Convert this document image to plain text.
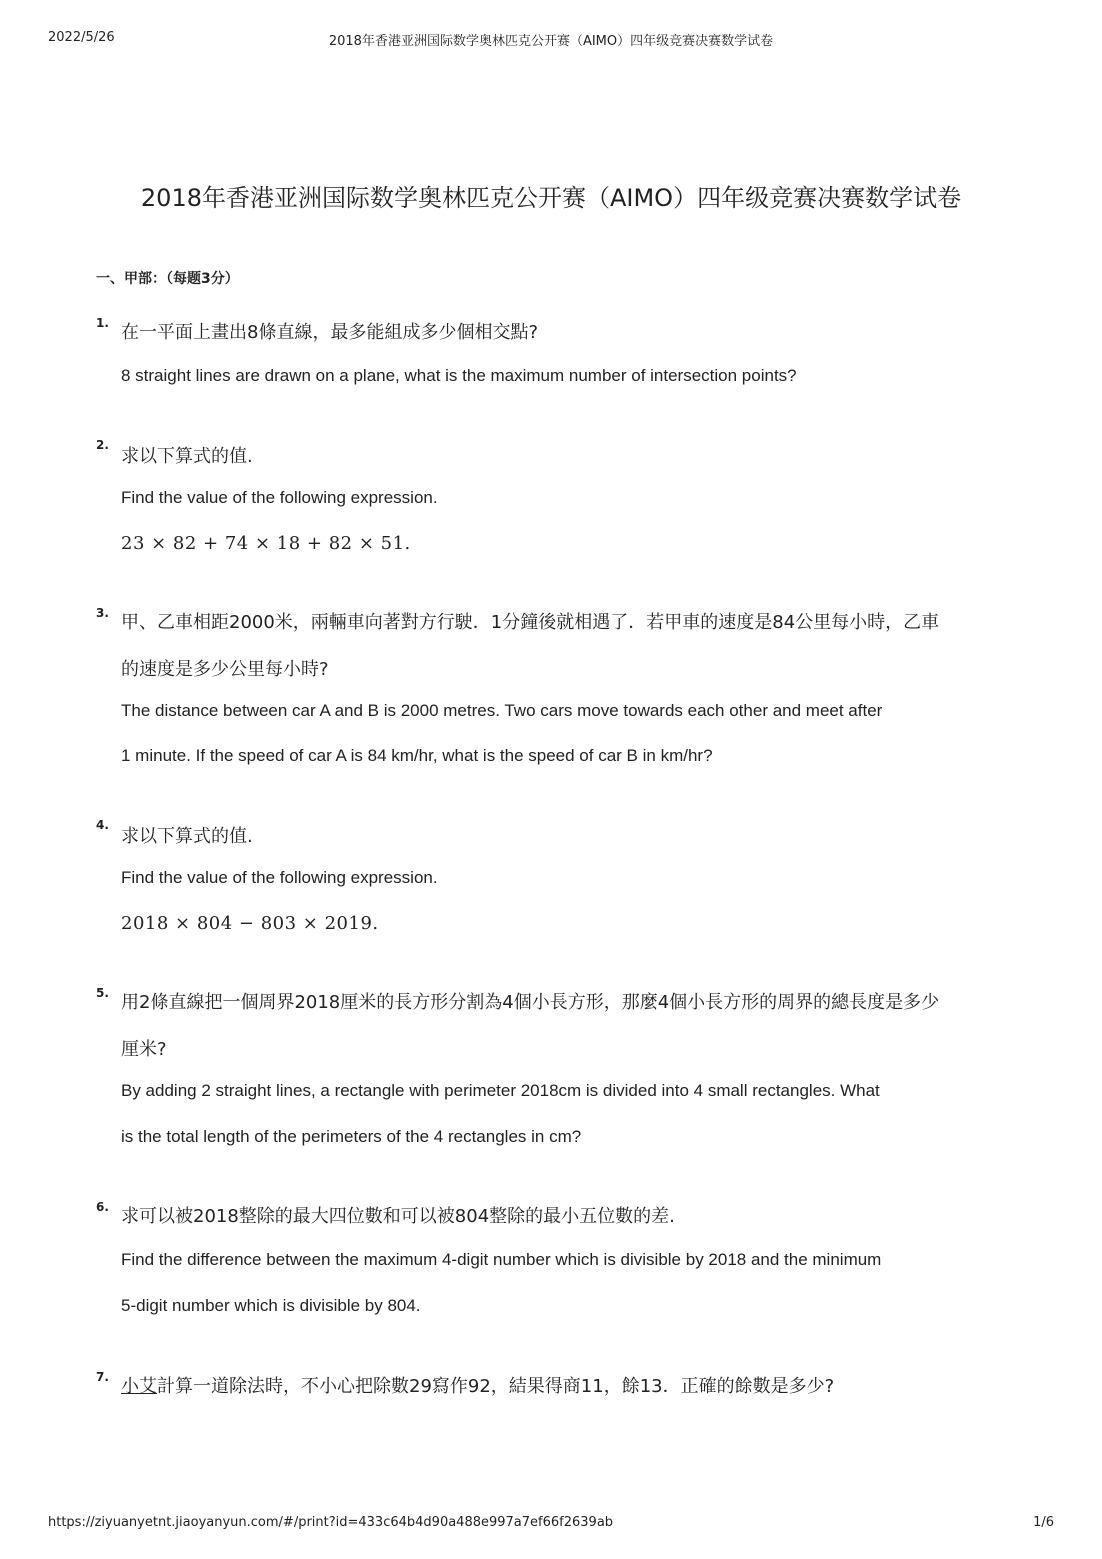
2022/5/26	2018年香港亚洲国际数学奥林匹克公开赛（AIMO）四年级竞赛决赛数学试卷
2018年香港亚洲国际数学奥林匹克公开赛（AIMO）四年级竞赛决赛数学试卷
一、甲部：（每题3分）
1. 在一平面上畫出8條直線，最多能組成多少個相交點?
8 straight lines are drawn on a plane, what is the maximum number of intersection points?
2.
求以下算式的值.
Find the value of the following expression.
23 × 82 + 74 × 18 + 82 × 51.
3. 甲、乙車相距2000米，兩輛車向著對方行駛．1分鐘後就相遇了．若甲車的速度是84公里每小時，乙車
的速度是多少公里每小時?
The distance between car A and B is 2000 metres. Two cars move towards each other and meet after
1 minute. If the speed of car A is 84 km/hr, what is the speed of car B in km/hr?
4.
求以下算式的值.
Find the value of the following expression.
2018 × 804 − 803 × 2019.
5. 用2條直線把一個周界2018厘米的長方形分割為4個小長方形，那麼4個小長方形的周界的總長度是多少
厘米?
By adding 2 straight lines, a rectangle with perimeter 2018cm is divided into 4 small rectangles. What
is the total length of the perimeters of the 4 rectangles in cm?
6. 求可以被2018整除的最大四位數和可以被804整除的最小五位數的差.
Find the difference between the maximum 4-digit number which is divisible by 2018 and the minimum
5-digit number which is divisible by 804.
7. 小艾計算一道除法時，不小心把除數29寫作92，結果得商11，餘13．正確的餘數是多少?
https://ziyuanyetnt.jiaoyanyun.com/#/print?id=433c64b4d90a488e997a7ef66f2639ab	1/6
